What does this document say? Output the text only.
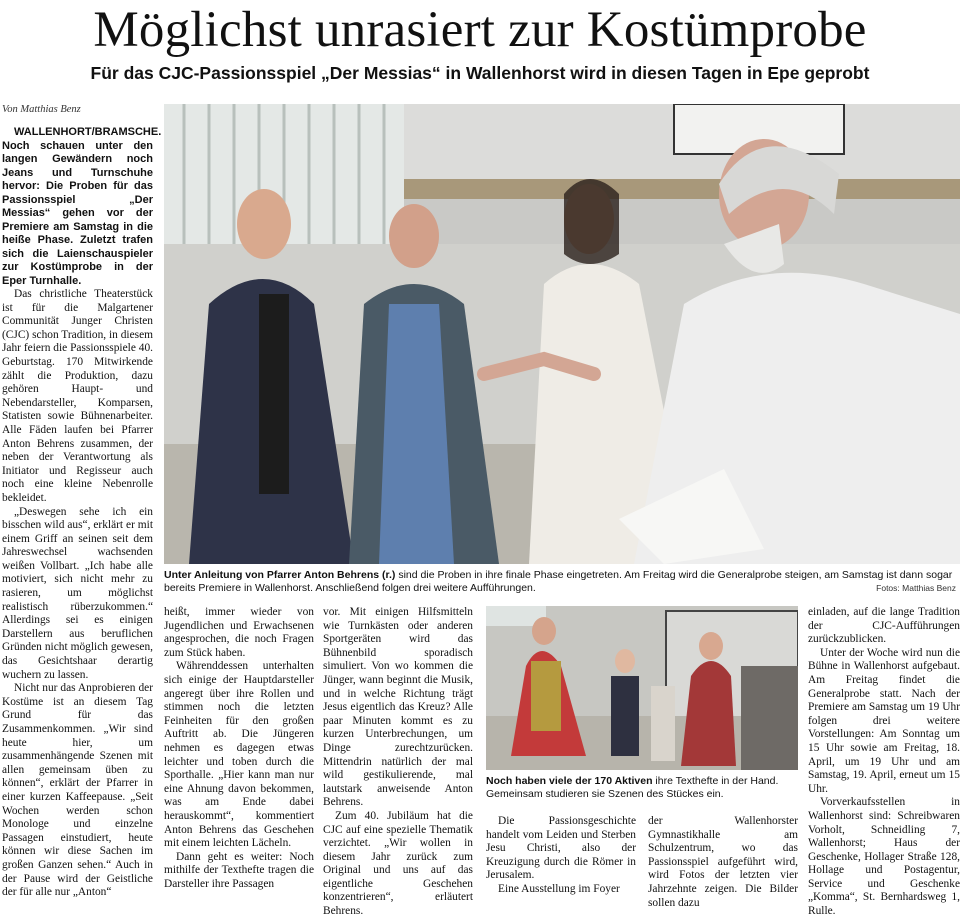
Möglichst unrasiert zur Kostümprobe
Für das CJC-Passionsspiel „Der Messias“ in Wallenhorst wird in diesen Tagen in Epe geprobt
Von Matthias Benz

WALLENHORT/BRAMSCHE. Noch schauen unter den langen Gewändern noch Jeans und Turnschuhe hervor: Die Proben für das Passionsspiel „Der Messias“ gehen vor der Premiere am Samstag in die heiße Phase. Zuletzt trafen sich die Laienschauspieler zur Kostümprobe in der Eper Turnhalle.

Das christliche Theaterstück ist für die Malgartener Communität Junger Christen (CJC) schon Tradition, in diesem Jahr feiern die Passionsspiele 40. Geburtstag. 170 Mitwirkende zählt die Produktion, dazu gehören Haupt- und Nebendarsteller, Komparsen, Statisten sowie Bühnenarbeiter. Alle Fäden laufen bei Pfarrer Anton Behrens zusammen, der neben der Verantwortung als Initiator und Regisseur auch noch eine kleine Nebenrolle bekleidet.

„Deswegen sehe ich ein bisschen wild aus“, erklärt er mit einem Griff an seinen seit dem Jahreswechsel wachsenden weißen Vollbart. „Ich habe alle motiviert, sich nicht mehr zu rasieren, um möglichst realistisch rüberzukommen.“ Allerdings sei es einigen Darstellern aus beruflichen Gründen nicht möglich gewesen, das Gesichtshaar derartig wuchern zu lassen.

Nicht nur das Anprobieren der Kostüme ist an diesem Tag Grund für das Zusammenkommen. „Wir sind heute hier, um zusammenhängende Szenen mit allen gemeinsam üben zu können“, erklärt der Pfarrer in einer kurzen Kaffeepause. „Seit Wochen werden schon Monologe und einzelne Passagen einstudiert, heute können wir diese Sachen im großen Ganzen sehen.“ Auch in der Pause wird der Geistliche der für alle nur „Anton“

Unter Anleitung von Pfarrer Anton Behrens (r.) sind die Proben in ihre finale Phase eingetreten. Am Freitag wird die Generalprobe steigen, am Samstag ist dann sogar bereits Premiere in Wallenhorst. Anschließend folgen drei weitere Aufführungen.	Fotos: Matthias Benz

heißt, immer wieder von Jugendlichen und Erwachsenen angesprochen, die noch Fragen zum Stück haben.

Währenddessen unterhalten sich einige der Hauptdarsteller angeregt über ihre Rollen und stimmen noch die letzten Feinheiten für den großen Auftritt ab. Die Jüngeren nehmen es dagegen etwas leichter und toben durch die Sporthalle. „Hier kann man nur eine Ahnung davon bekommen, was am Ende dabei herauskommt“, kommentiert Anton Behrens das Geschehen mit einem leichten Lächeln.

Dann geht es weiter: Noch mithilfe der Texthefte tragen die Darsteller ihre Passagen

vor. Mit einigen Hilfsmitteln wie Turnkästen oder anderen Sportgeräten wird das Bühnenbild sporadisch simuliert. Von wo kommen die Jünger, wann beginnt die Musik, und in welche Richtung trägt Jesus eigentlich das Kreuz? Alle paar Minuten kommt es zu kurzen Unterbrechungen, um Dinge zurechtzurücken. Mittendrin natürlich der mal wild gestikulierende, mal lautstark anweisende Anton Behrens.

Zum 40. Jubiläum hat die CJC auf eine spezielle Thematik verzichtet. „Wir wollen in diesem Jahr zurück zum Original und uns auf das eigentliche Geschehen konzentrieren“, erläutert Behrens.

Noch haben viele der 170 Aktiven ihre Texthefte in der Hand. Gemeinsam studieren sie Szenen des Stückes ein.

Die Passionsgeschichte handelt vom Leiden und Sterben Jesu Christi, also der Kreuzigung durch die Römer in Jerusalem.

Eine Ausstellung im Foyer

der Wallenhorster Gymnastikhalle am Schulzentrum, wo das Passionsspiel aufgeführt wird, wird Fotos der letzten vier Jahrzehnte zeigen. Die Bilder sollen dazu

einladen, auf die lange Tradition der CJC-Aufführungen zurückzublicken.

Unter der Woche wird nun die Bühne in Wallenhorst aufgebaut. Am Freitag findet die Generalprobe statt. Nach der Premiere am Samstag um 19 Uhr folgen drei weitere Vorstellungen: Am Sonntag um 15 Uhr sowie am Freitag, 18. April, um 19 Uhr und am Samstag, 19. April, erneut um 15 Uhr.

Vorverkaufsstellen in Wallenhorst sind: Schreibwaren Vorholt, Schneidling 7, Wallenhorst; Haus der Geschenke, Hollager Straße 128, Hollage und Postagentur, Service und Geschenke „Komma“, St. Bernhardsweg 1, Rulle.
